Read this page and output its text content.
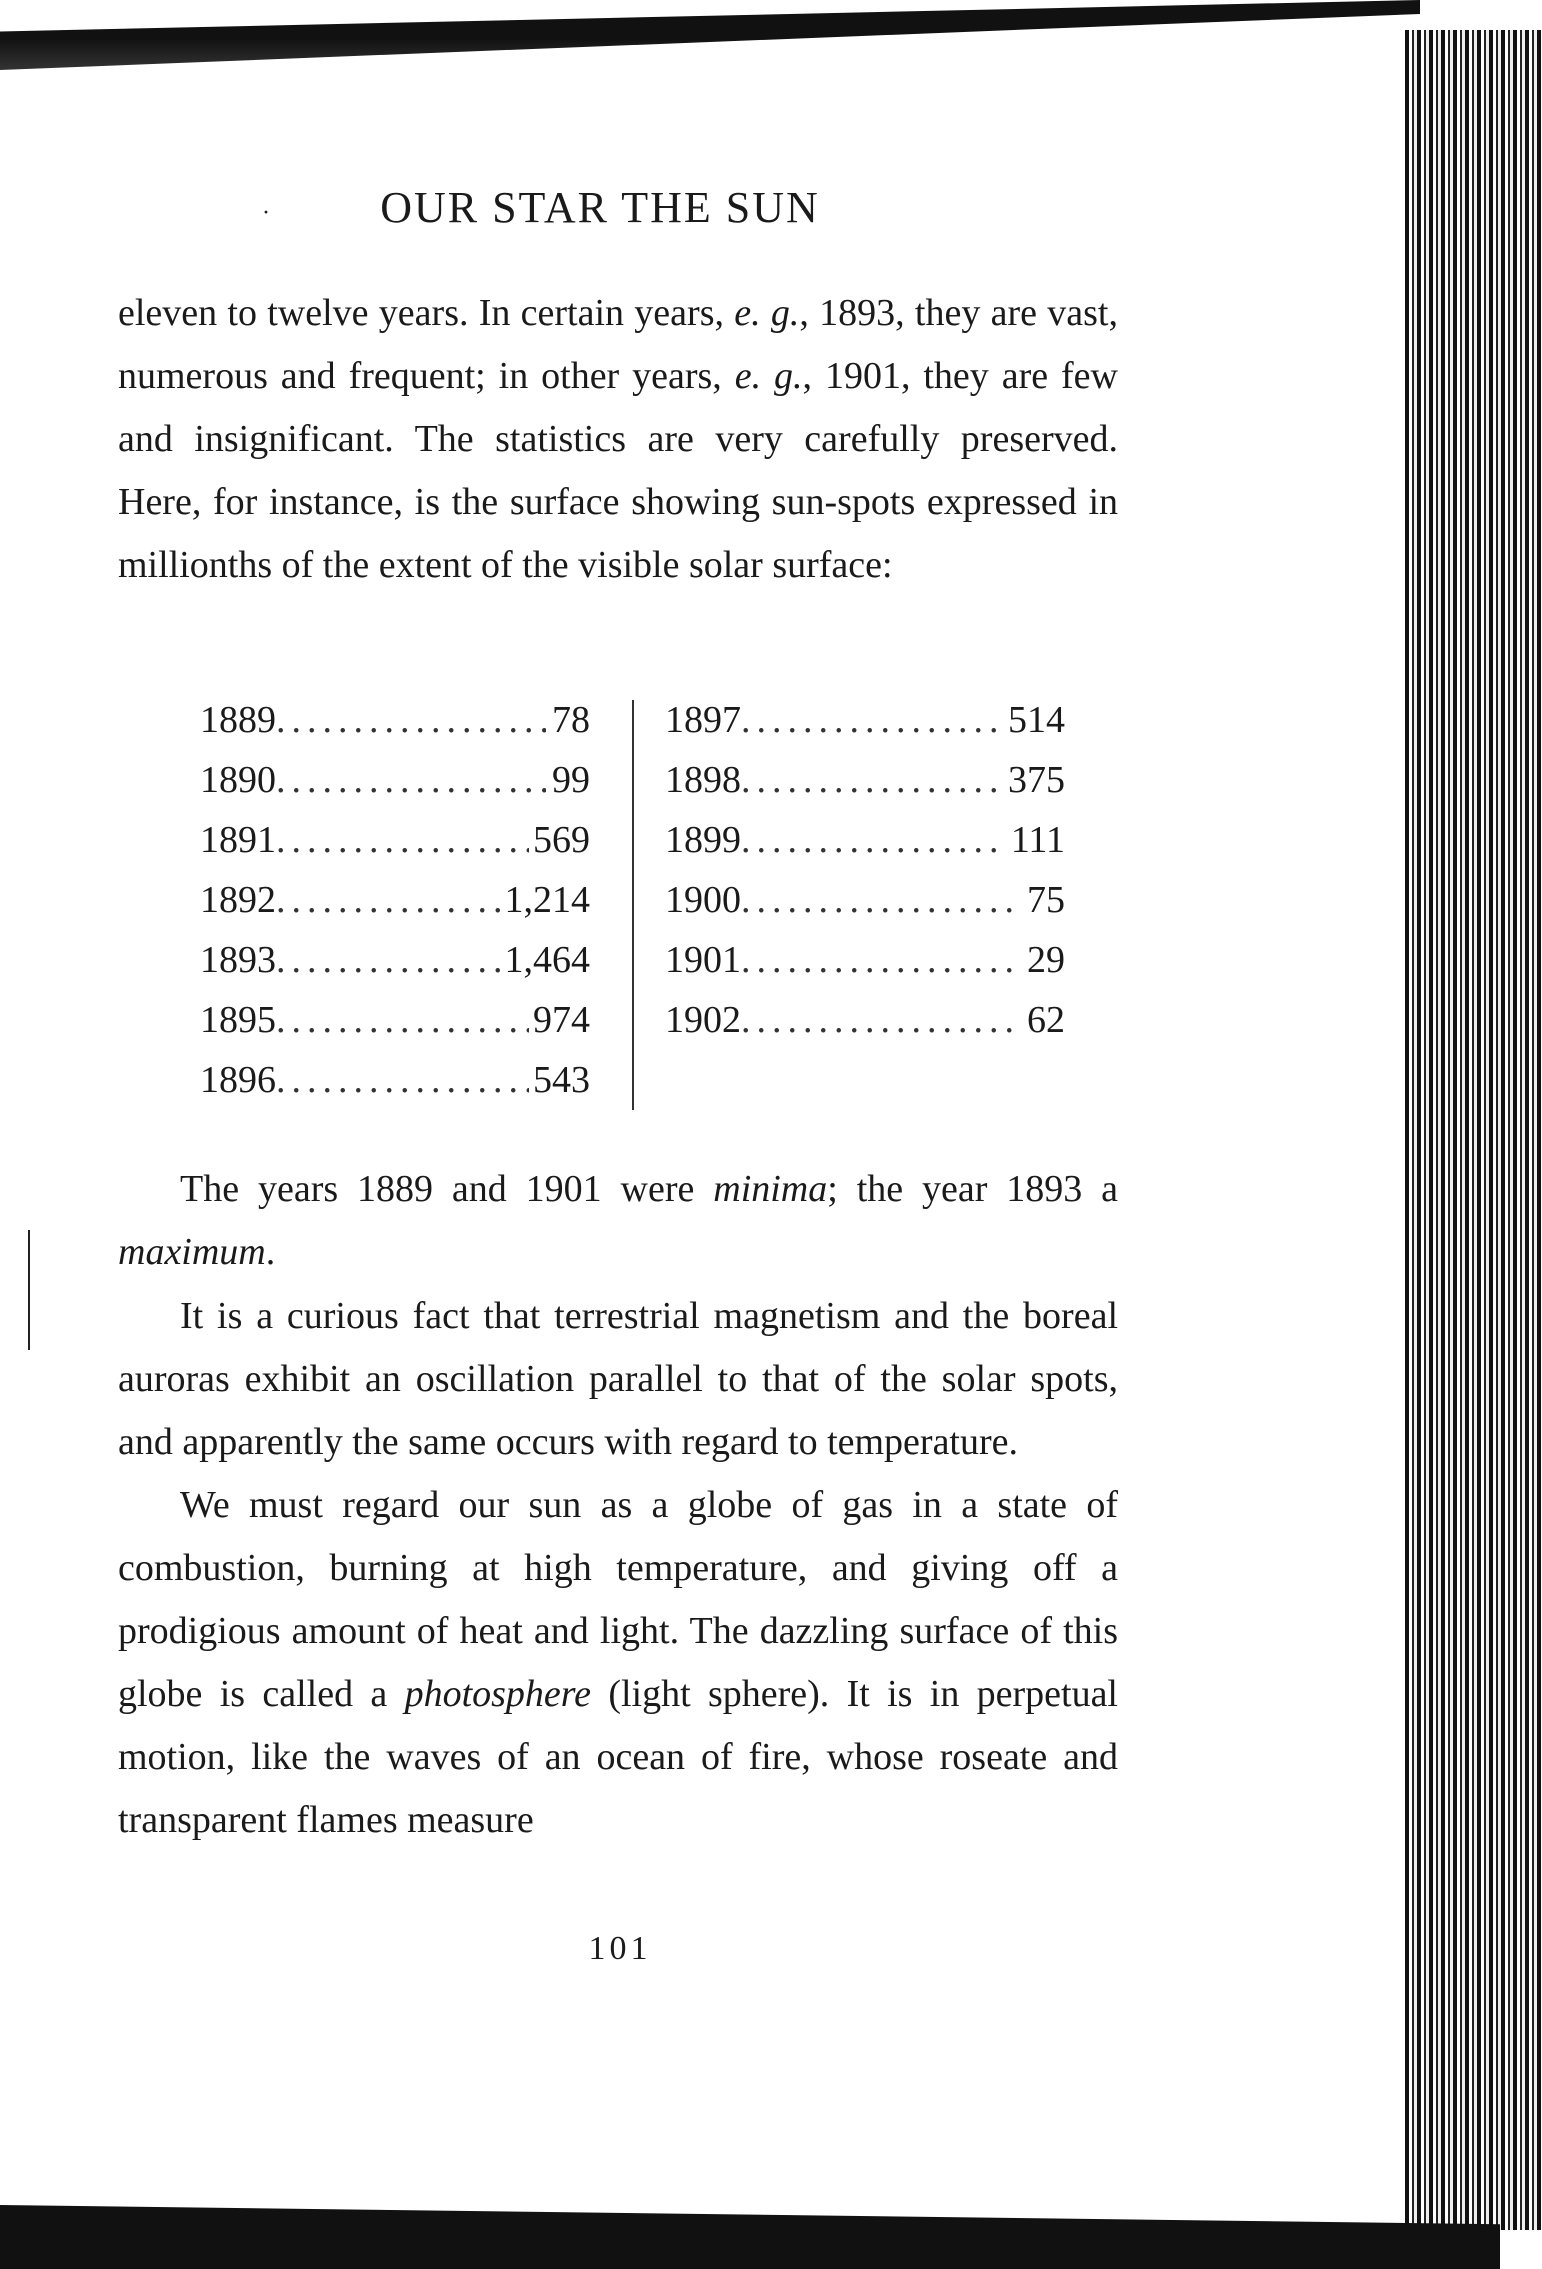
·	OUR STAR THE SUN

eleven to twelve years. In certain years, e. g., 1893, they are vast, numerous and frequent; in other years, e. g., 1901, they are few and insignificant. The statistics are very carefully preserved. Here, for instance, is the surface showing sun-spots expressed in millionths of the extent of the visible solar surface:

1889 .....	78
1890 .....	99
1891 .....	569
1892 .....	1,214
1893 .....	1,464
1895 .....	974
1896 .....	543
1897 .....	514
1898 .....	375
1899 .....	111
1900 .....	75
1901 .....	29
1902 .....	62

The years 1889 and 1901 were minima; the year 1893 a maximum.

It is a curious fact that terrestrial magnetism and the boreal auroras exhibit an oscillation parallel to that of the solar spots, and apparently the same occurs with regard to temperature.

We must regard our sun as a globe of gas in a state of combustion, burning at high temperature, and giving off a prodigious amount of heat and light. The dazzling surface of this globe is called a photosphere (light sphere). It is in perpetual motion, like the waves of an ocean of fire, whose roseate and transparent flames measure

101
